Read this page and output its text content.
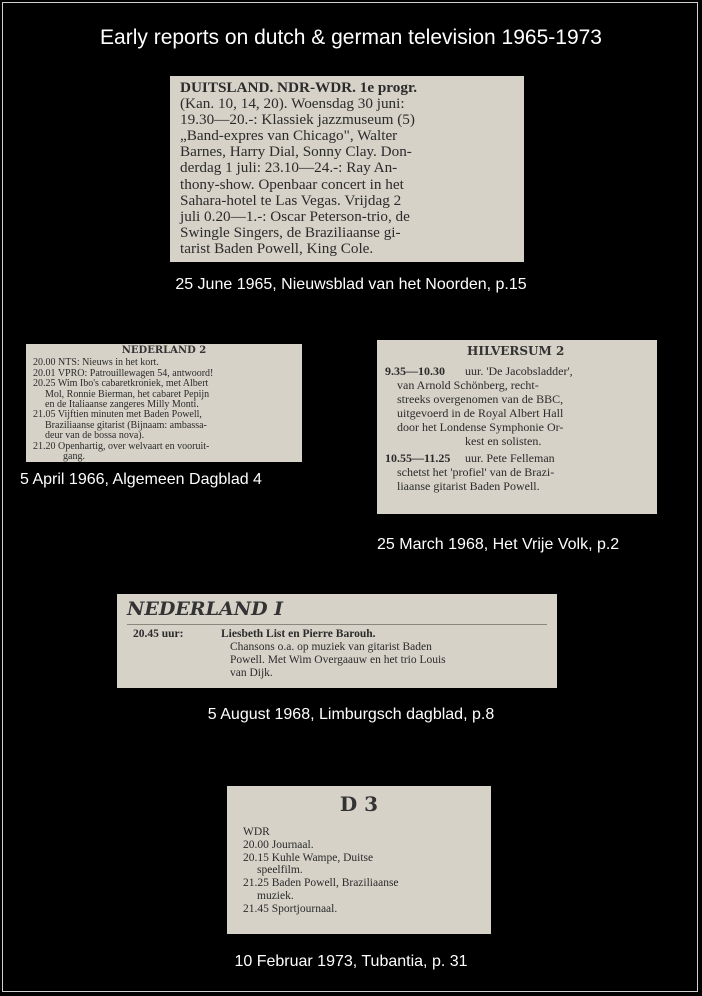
Early reports on dutch & german television 1965-1973
DUITSLAND. NDR-WDR. 1e progr.
(Kan. 10, 14, 20). Woensdag 30 juni:
19.30—20.-: Klassiek jazzmuseum (5)
„Band-expres van Chicago", Walter
Barnes, Harry Dial, Sonny Clay. Don-
derdag 1 juli: 23.10—24.-: Ray An-
thony-show. Openbaar concert in het
Sahara-hotel te Las Vegas. Vrijdag 2
juli 0.20—1.-: Oscar Peterson-trio, de
Swingle Singers, de Braziliaanse gi-
tarist Baden Powell, King Cole.
25 June 1965, Nieuwsblad van het Noorden, p.15
NEDERLAND 2
20.00 NTS: Nieuws in het kort.
20.01 VPRO: Patrouillewagen 54, antwoord!
20.25 Wim Ibo's cabaretkroniek, met Albert
Mol, Ronnie Bierman, het cabaret Pepijn
en de Italiaanse zangeres Milly Monti.
21.05 Vijftien minuten met Baden Powell,
Braziliaanse gitarist (Bijnaam: ambassa-
deur van de bossa nova).
21.20 Openhartig, over welvaart en vooruit-
gang.
5 April 1966, Algemeen Dagblad 4
HILVERSUM 2
9.35—10.30 uur. 'De Jacobsladder',
van Arnold Schönberg, recht-
streeks overgenomen van de BBC,
uitgevoerd in de Royal Albert Hall
door het Londense Symphonie Or-
kest en solisten.
10.55—11.25 uur. Pete Felleman
schetst het 'profiel' van de Brazi-
liaanse gitarist Baden Powell.
25 March 1968, Het Vrije Volk, p.2
NEDERLAND I
20.45 uur:	Liesbeth List en Pierre Barouh.
Chansons o.a. op muziek van gitarist Baden
Powell. Met Wim Overgaauw en het trio Louis
van Dijk.
5 August 1968, Limburgsch dagblad, p.8
D 3
WDR
20.00 Journaal.
20.15 Kuhle Wampe, Duitse
speelfilm.
21.25 Baden Powell, Braziliaanse
muziek.
21.45 Sportjournaal.
10 Februar 1973, Tubantia, p. 31
